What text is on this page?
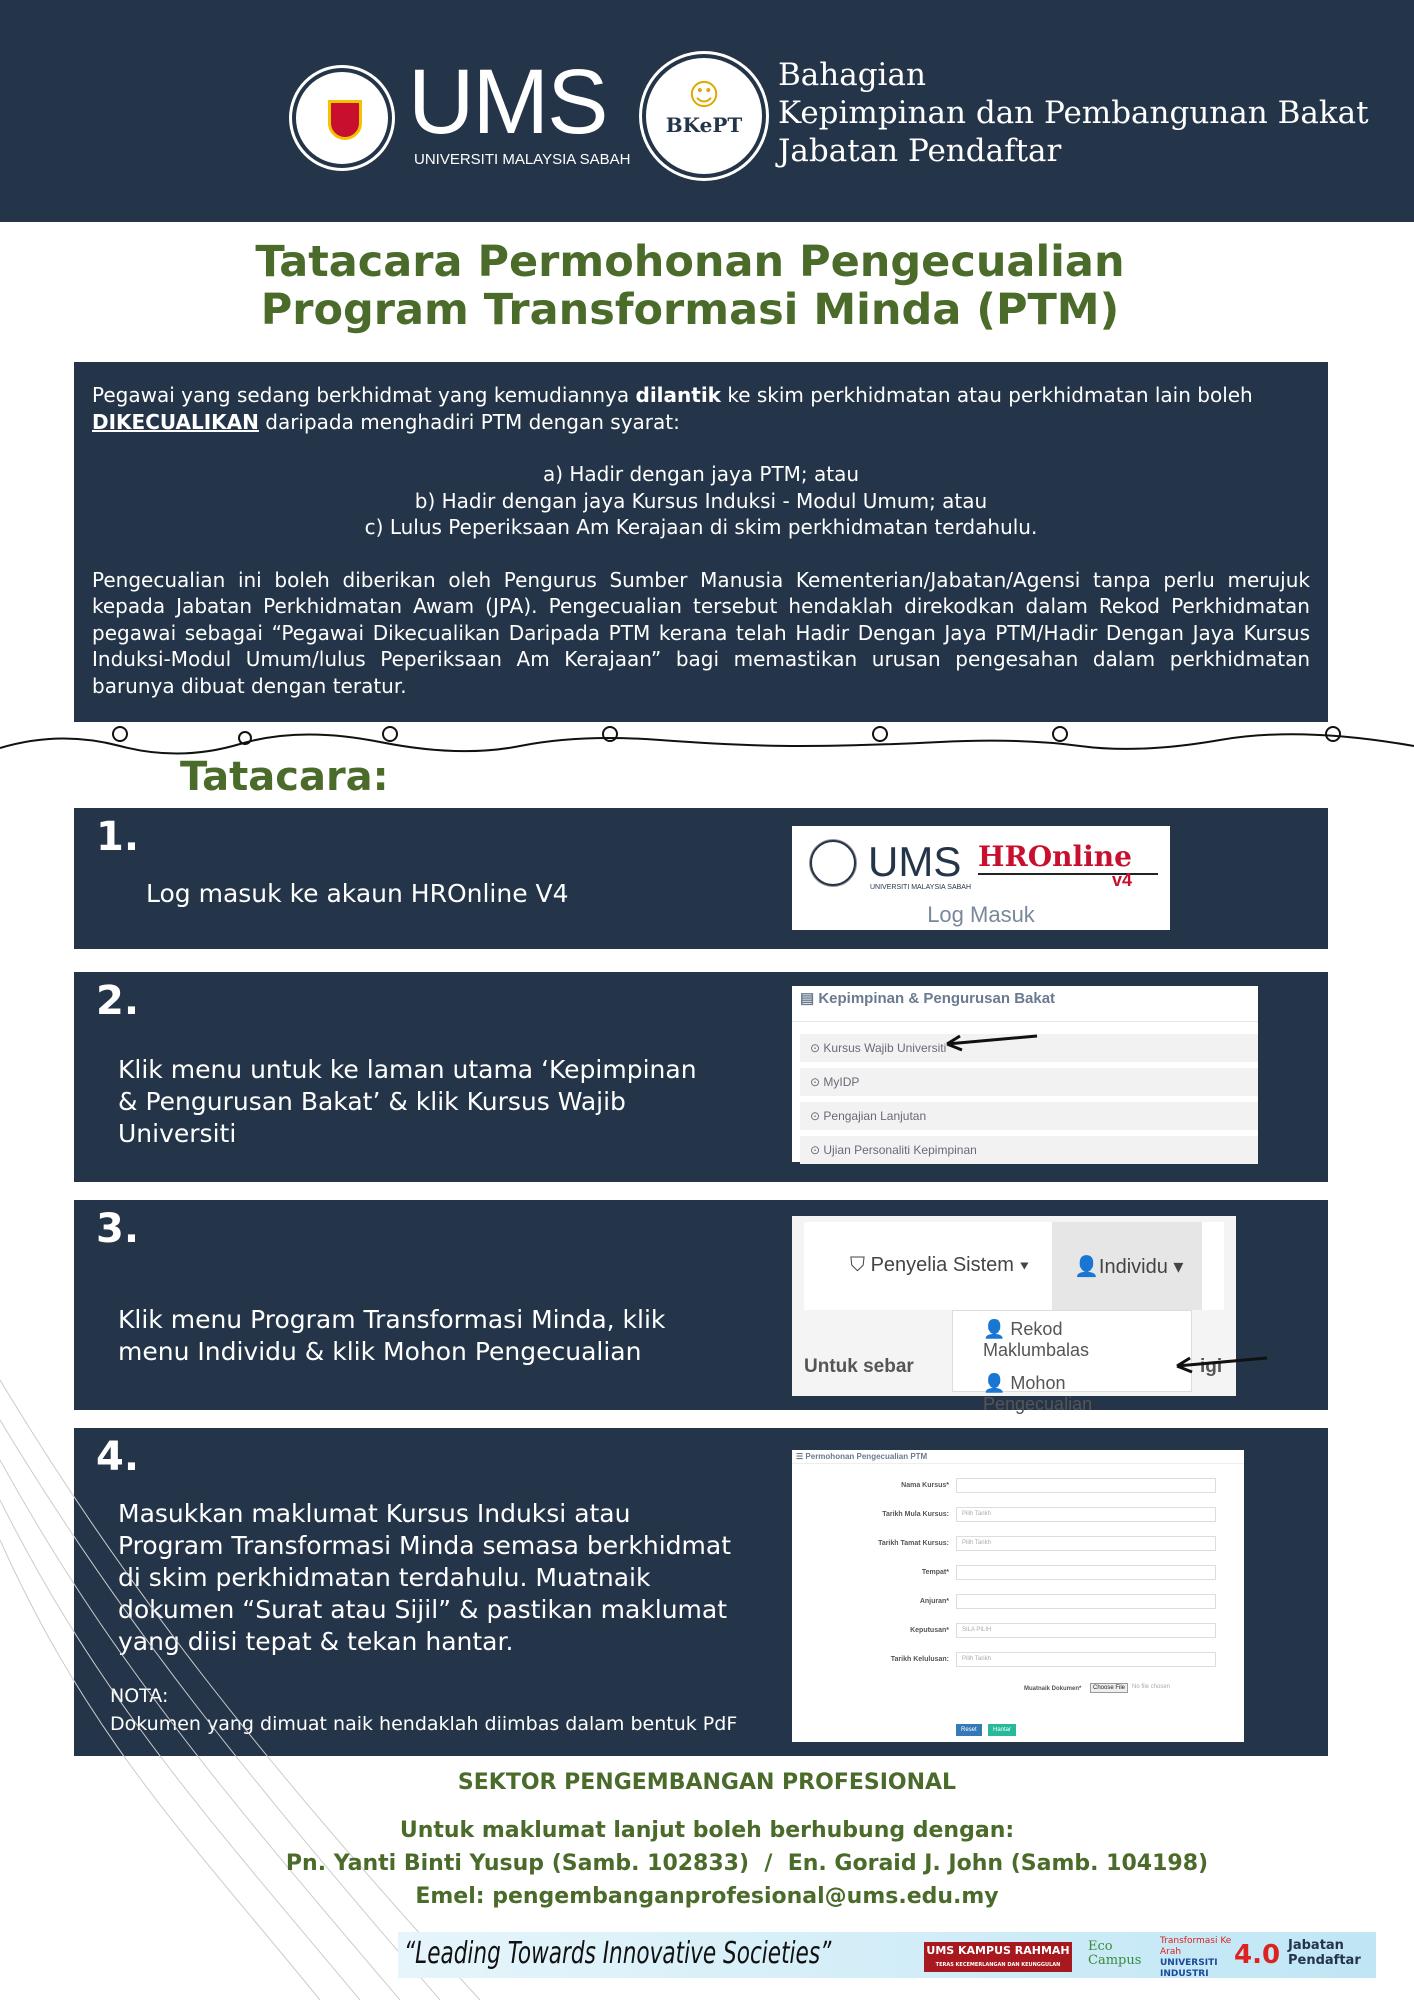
UMS
UNIVERSITI MALAYSIA SABAH
☺
BKePT
Bahagian
Kepimpinan dan Pembangunan Bakat
Jabatan Pendaftar
Tatacara Permohonan Pengecualian
Program Transformasi Minda (PTM)

Pegawai yang sedang berkhidmat yang kemudiannya dilantik ke skim perkhidmatan atau perkhidmatan lain boleh DIKECUALIKAN daripada menghadiri PTM dengan syarat:

a) Hadir dengan jaya PTM; atau
b) Hadir dengan jaya Kursus Induksi - Modul Umum; atau
c) Lulus Peperiksaan Am Kerajaan di skim perkhidmatan terdahulu.

Pengecualian ini boleh diberikan oleh Pengurus Sumber Manusia Kementerian/Jabatan/Agensi tanpa perlu merujuk kepada Jabatan Perkhidmatan Awam (JPA). Pengecualian tersebut hendaklah direkodkan dalam Rekod Perkhidmatan pegawai sebagai “Pegawai Dikecualikan Daripada PTM kerana telah Hadir Dengan Jaya PTM/Hadir Dengan Jaya Kursus Induksi-Modul Umum/lulus Peperiksaan Am Kerajaan” bagi memastikan urusan pengesahan dalam perkhidmatan barunya dibuat dengan teratur.

Tatacara:
1.
Log masuk ke akaun HROnline V4
UMS
UNIVERSITI MALAYSIA SABAH
HROnline
v4
Log Masuk
2.
Klik menu untuk ke laman utama ‘Kepimpinan & Pengurusan Bakat’ & klik Kursus Wajib Universiti
▤ Kepimpinan & Pengurusan Bakat
⊙ Kursus Wajib Universiti
⊙ MyIDP
⊙ Pengajian Lanjutan
⊙ Ujian Personaliti Kepimpinan
3.
Klik menu Program Transformasi Minda, klik menu Individu & klik Mohon Pengecualian
⛉ Penyelia Sistem ▾ 👤Individu ▾
Untuk sebar	igi
👤 Rekod Maklumbalas
👤 Mohon Pengecualian
4.
Masukkan maklumat Kursus Induksi atau Program Transformasi Minda semasa berkhidmat di skim perkhidmatan terdahulu. Muatnaik dokumen “Surat atau Sijil” & pastikan maklumat yang diisi tepat & tekan hantar.
NOTA:
Dokumen yang dimuat naik hendaklah diimbas dalam bentuk PdF
☰ Permohonan Pengecualian PTM
Nama Kursus*
Tarikh Mula Kursus:	Pilih Tarikh
Tarikh Tamat Kursus:	Pilih Tarikh
Tempat*
Anjuran*
Keputusan*	SILA PILIH
Tarikh Kelulusan:	Pilih Tarikh
Muatnaik Dokumen*	Choose File	No file chosen
Reset	Hantar
SEKTOR PENGEMBANGAN PROFESIONAL
Untuk maklumat lanjut boleh berhubung dengan:
Pn. Yanti Binti Yusup (Samb. 102833)  /  En. Goraid J. John (Samb. 104198)
Emel: pengembanganprofesional@ums.edu.my
“Leading Towards Innovative Societies”	UMS KAMPUS RAHMAH
TERAS KECEMERLANGAN DAN KEUNGGULAN
Eco Campus
Transformasi Ke Arah
UNIVERSITI INDUSTRI
4.0 Jabatan Pendaftar
